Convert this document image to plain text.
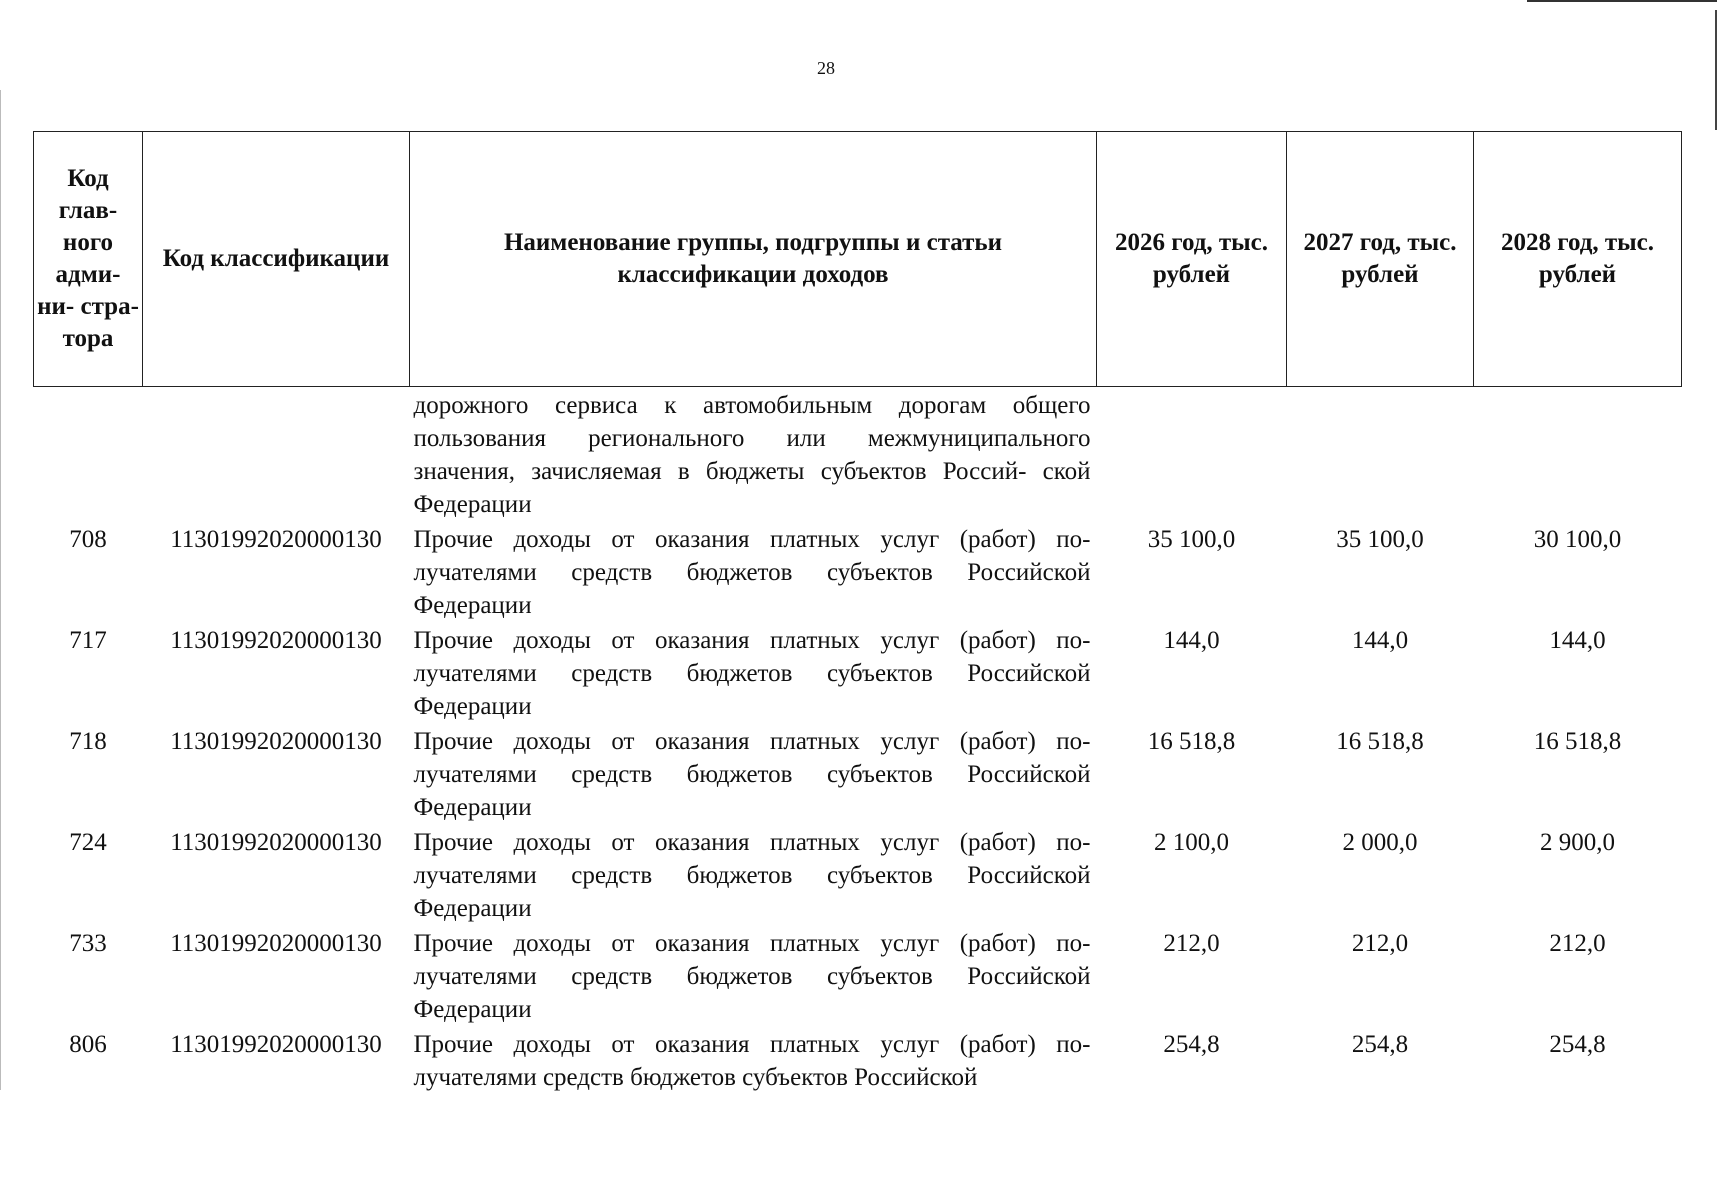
28
Код глав- ного адми- ни- стра- тора	Код классификации	Наименование группы, подгруппы и статьи классификации доходов	2026 год, тыс. рублей	2027 год, тыс. рублей	2028 год, тыс. рублей
		дорожного сервиса к автомобильным дорогам общего пользования регионального или межмуниципального значения, зачисляемая в бюджеты субъектов Россий- ской Федерации			
708	11301992020000130	Прочие доходы от оказания платных услуг (работ) по- лучателями средств бюджетов субъектов Российской Федерации	35 100,0	35 100,0	30 100,0
717	11301992020000130	Прочие доходы от оказания платных услуг (работ) по- лучателями средств бюджетов субъектов Российской Федерации	144,0	144,0	144,0
718	11301992020000130	Прочие доходы от оказания платных услуг (работ) по- лучателями средств бюджетов субъектов Российской Федерации	16 518,8	16 518,8	16 518,8
724	11301992020000130	Прочие доходы от оказания платных услуг (работ) по- лучателями средств бюджетов субъектов Российской Федерации	2 100,0	2 000,0	2 900,0
733	11301992020000130	Прочие доходы от оказания платных услуг (работ) по- лучателями средств бюджетов субъектов Российской Федерации	212,0	212,0	212,0
806	11301992020000130	Прочие доходы от оказания платных услуг (работ) по- лучателями средств бюджетов субъектов Российской	254,8	254,8	254,8
